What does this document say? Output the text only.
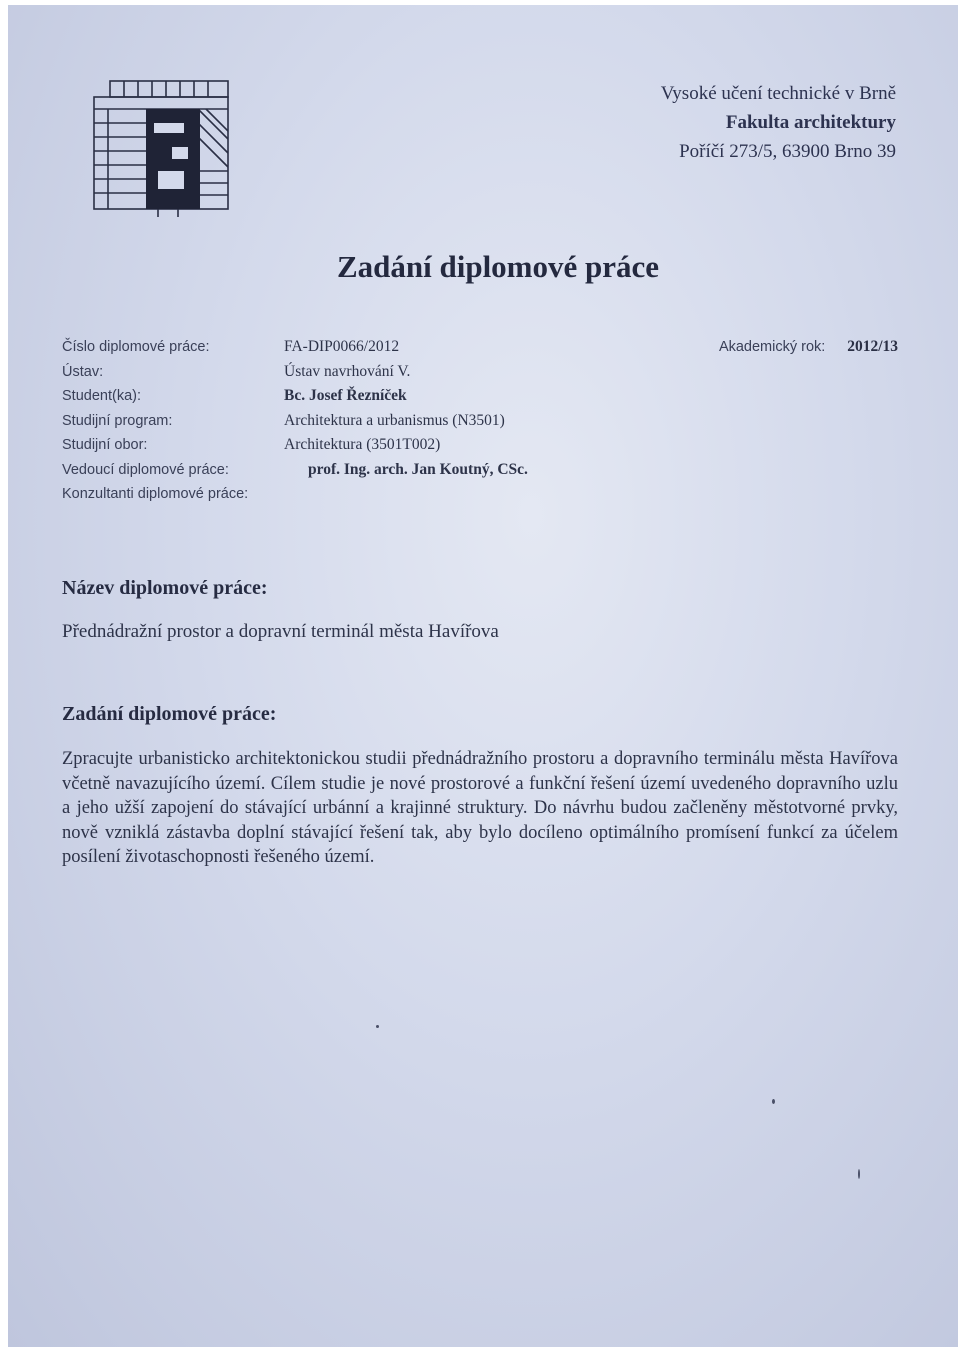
Vysoké učení technické v Brně
Fakulta architektury
Poříčí 273/5, 63900 Brno 39
Zadání diplomové práce
Číslo diplomové práce:	FA-DIP0066/2012
Ústav:	Ústav navrhování V.
Student(ka):	Bc. Josef Řezníček
Studijní program:	Architektura a urbanismus (N3501)
Studijní obor:	Architektura (3501T002)
Vedoucí diplomové práce:	prof. Ing. arch. Jan Koutný, CSc.
Konzultanti diplomové práce:
Akademický rok: 2012/13
Název diplomové práce:
Přednádražní prostor a dopravní terminál města Havířova
Zadání diplomové práce:
Zpracujte urbanisticko architektonickou studii přednádražního prostoru a dopravního terminálu města Havířova včetně navazujícího území. Cílem studie je nové prostorové a funkční řešení území uvedeného dopravního uzlu a jeho užší zapojení do stávající urbánní a krajinné struktury. Do návrhu budou začleněny městotvorné prvky, nově vzniklá zástavba doplní stávající řešení tak, aby bylo docíleno optimálního promísení funkcí za účelem posílení životaschopnosti řešeného území.
